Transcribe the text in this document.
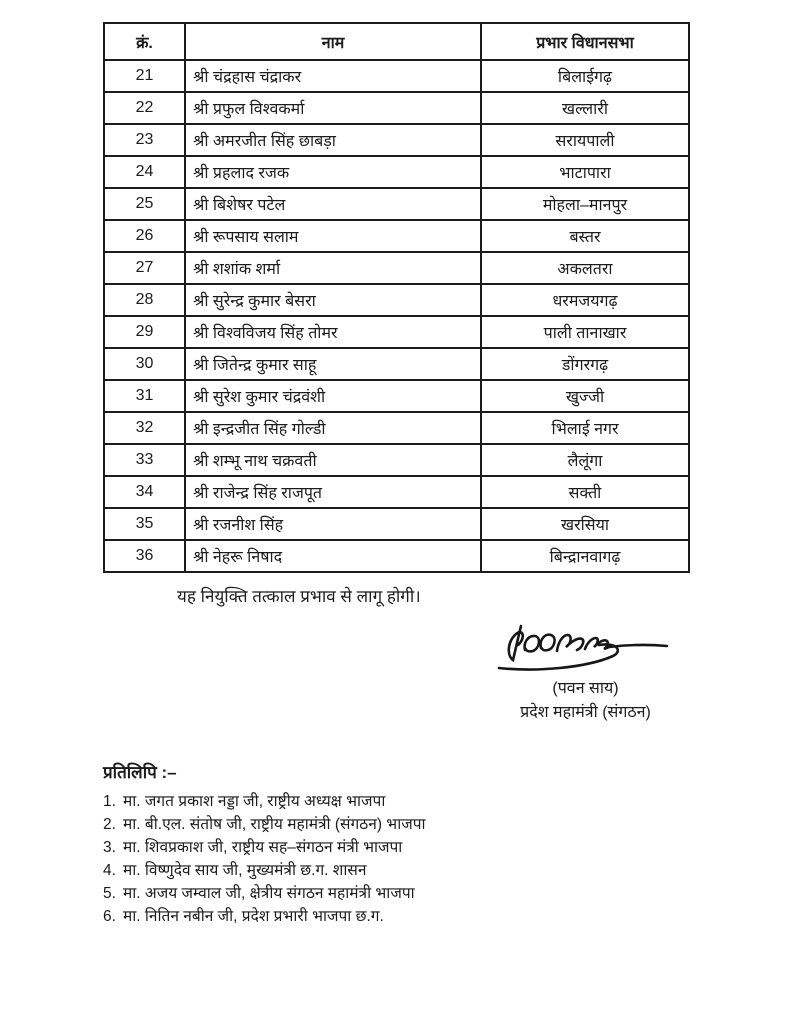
क्रं.	नाम	प्रभार विधानसभा
21	श्री चंद्रहास चंद्राकर	बिलाईगढ़
22	श्री प्रफुल विश्वकर्मा	खल्लारी
23	श्री अमरजीत सिंह छाबड़ा	सरायपाली
24	श्री प्रहलाद रजक	भाटापारा
25	श्री बिशेषर पटेल	मोहला–मानपुर
26	श्री रूपसाय सलाम	बस्तर
27	श्री शशांक शर्मा	अकलतरा
28	श्री सुरेन्द्र कुमार बेसरा	धरमजयगढ़
29	श्री विश्वविजय सिंह तोमर	पाली तानाखार
30	श्री जितेन्द्र कुमार साहू	डोंगरगढ़
31	श्री सुरेश कुमार चंद्रवंशी	खुज्जी
32	श्री इन्द्रजीत सिंह गोल्डी	भिलाई नगर
33	श्री शम्भू नाथ चक्रवती	लैलूंगा
34	श्री राजेन्द्र सिंह राजपूत	सक्ती
35	श्री रजनीश सिंह	खरसिया
36	श्री नेहरू निषाद	बिन्द्रानवागढ़
यह नियुक्ति तत्काल प्रभाव से लागू होगी।
(पवन साय)
प्रदेश महामंत्री (संगठन)
प्रतिलिपि :–
1. मा. जगत प्रकाश नड्डा जी, राष्ट्रीय अध्यक्ष भाजपा
2. मा. बी.एल. संतोष जी, राष्ट्रीय महामंत्री (संगठन) भाजपा
3. मा. शिवप्रकाश जी, राष्ट्रीय सह–संगठन मंत्री भाजपा
4. मा. विष्णुदेव साय जी, मुख्यमंत्री छ.ग. शासन
5. मा. अजय जम्वाल जी, क्षेत्रीय संगठन महामंत्री भाजपा
6. मा. नितिन नबीन जी, प्रदेश प्रभारी भाजपा छ.ग.
